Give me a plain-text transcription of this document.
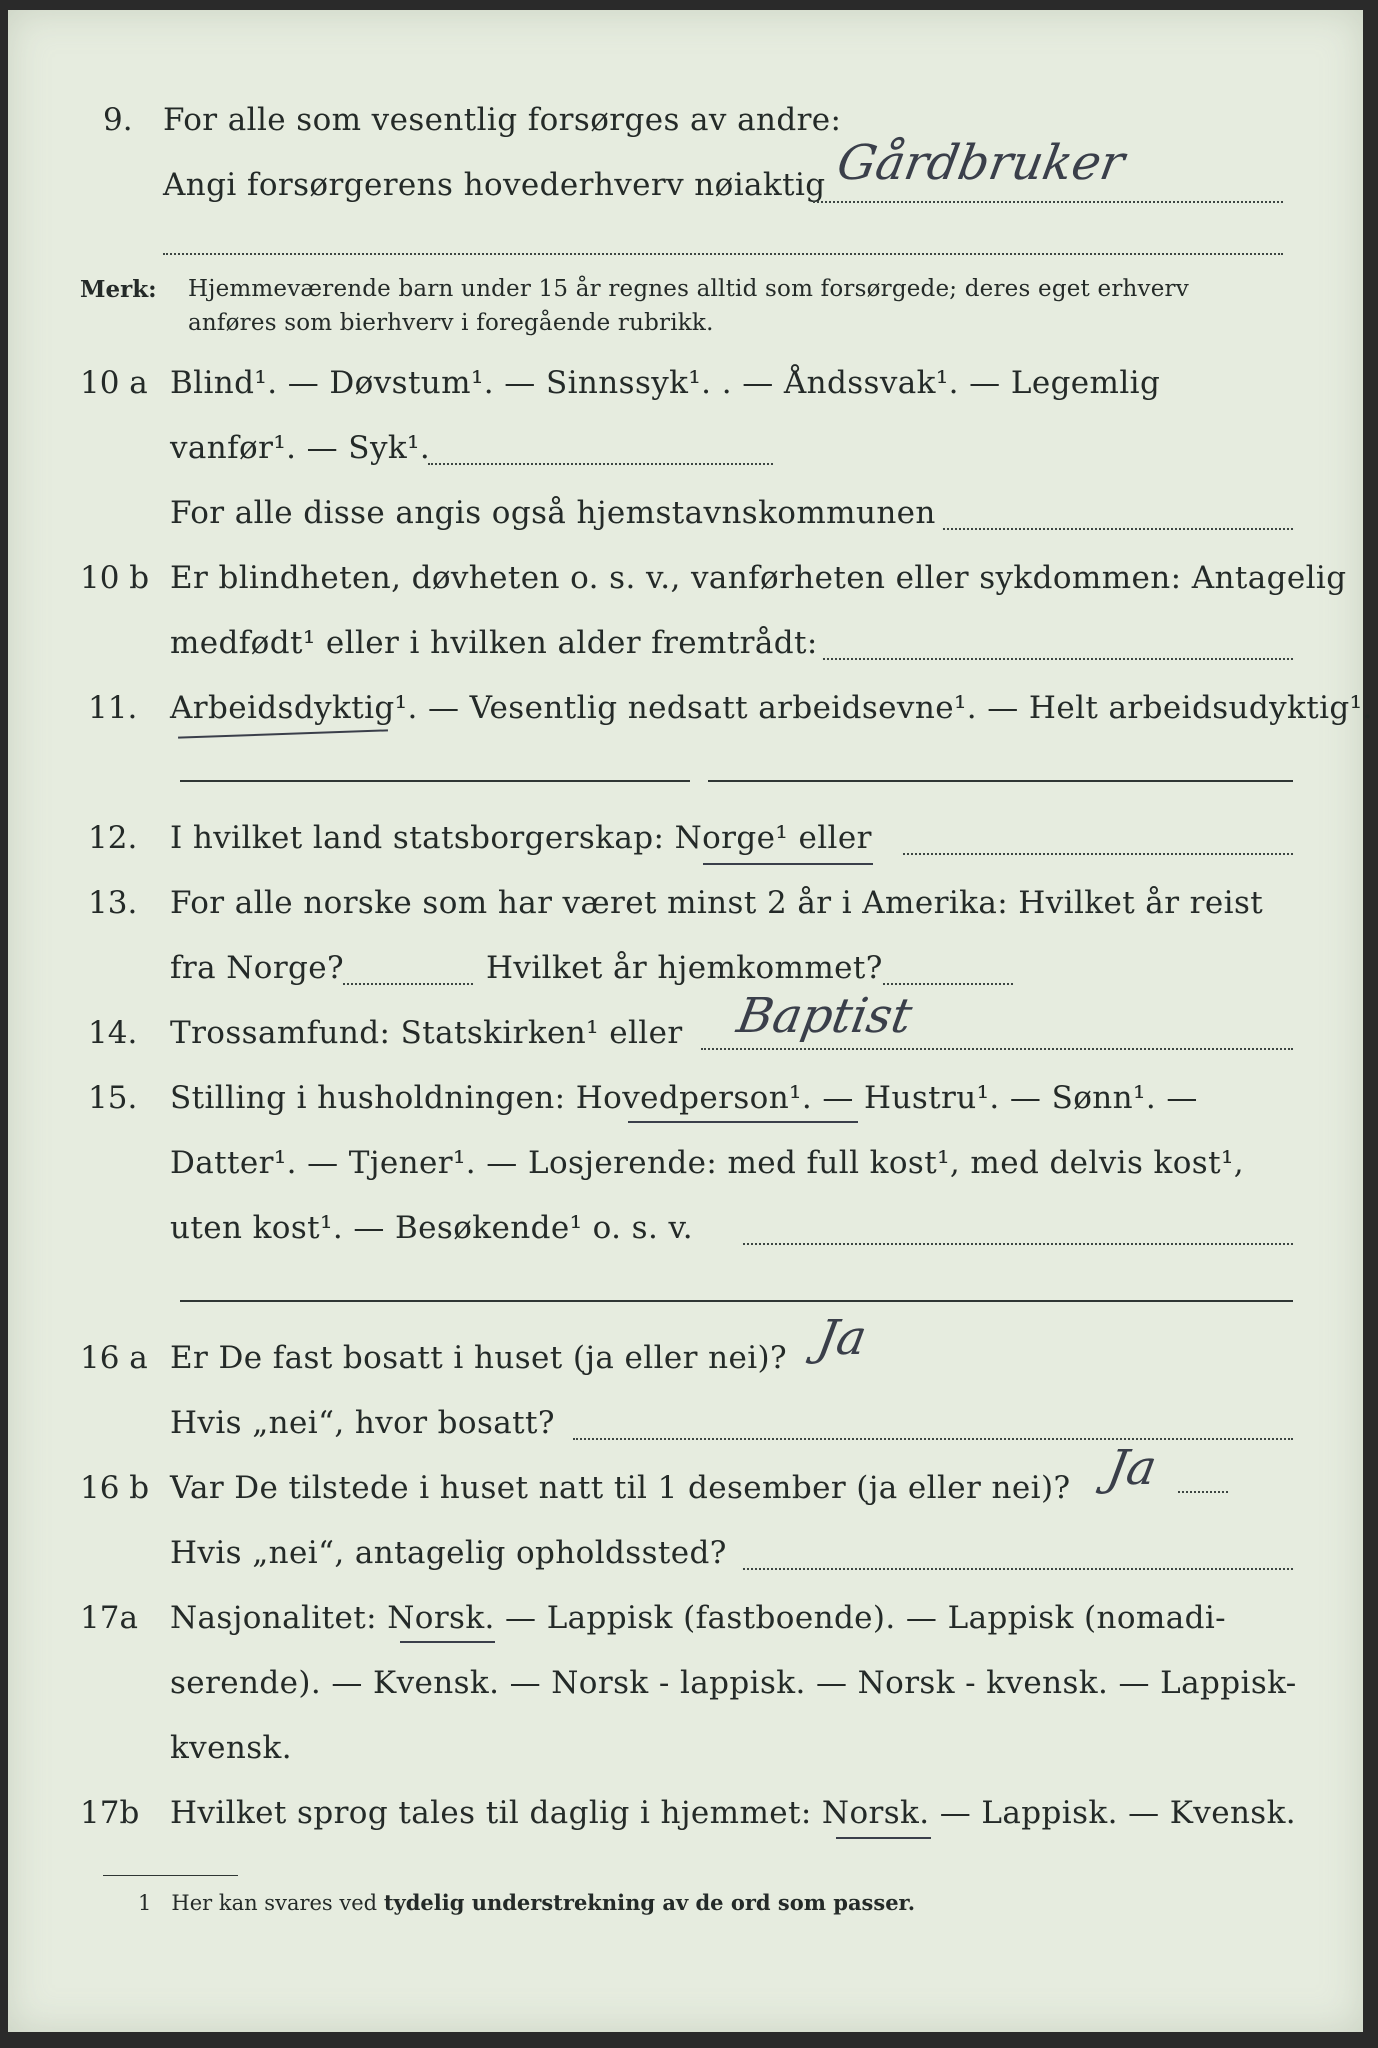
9. For alle som vesentlig forsørges av andre:
Angi forsørgerens hovederhverv nøiaktig Gårdbruker
Merk: Hjemmeværende barn under 15 år regnes alltid som forsørgede; deres eget erhverv
anføres som bierhverv i foregående rubrikk.
10 a Blind¹. — Døvstum¹. — Sinnssyk¹. . — Åndssvak¹. — Legemlig
vanfør¹. — Syk¹.
For alle disse angis også hjemstavnskommunen
10 b Er blindheten, døvheten o. s. v., vanførheten eller sykdommen: Antagelig
medfødt¹ eller i hvilken alder fremtrådt:
11. Arbeidsdyktig¹. — Vesentlig nedsatt arbeidsevne¹. — Helt arbeidsudyktig¹.
12. I hvilket land statsborgerskap: Norge¹ eller
13. For alle norske som har været minst 2 år i Amerika: Hvilket år reist
fra Norge?	Hvilket år hjemkommet?
14. Trossamfund: Statskirken¹ eller Baptist
15. Stilling i husholdningen: Hovedperson¹. — Hustru¹. — Sønn¹. —
Datter¹. — Tjener¹. — Losjerende: med full kost¹, med delvis kost¹,
uten kost¹. — Besøkende¹ o. s. v.
16 a Er De fast bosatt i huset (ja eller nei)? Ja
Hvis „nei“, hvor bosatt?
16 b Var De tilstede i huset natt til 1 desember (ja eller nei)? Ja
Hvis „nei“, antagelig opholdssted?
17a Nasjonalitet: Norsk. — Lappisk (fastboende). — Lappisk (nomadi-
serende). — Kvensk. — Norsk - lappisk. — Norsk - kvensk. — Lappisk-
kvensk.
17b Hvilket sprog tales til daglig i hjemmet: Norsk. — Lappisk. — Kvensk.
1 Her kan svares ved tydelig understrekning av de ord som passer.
